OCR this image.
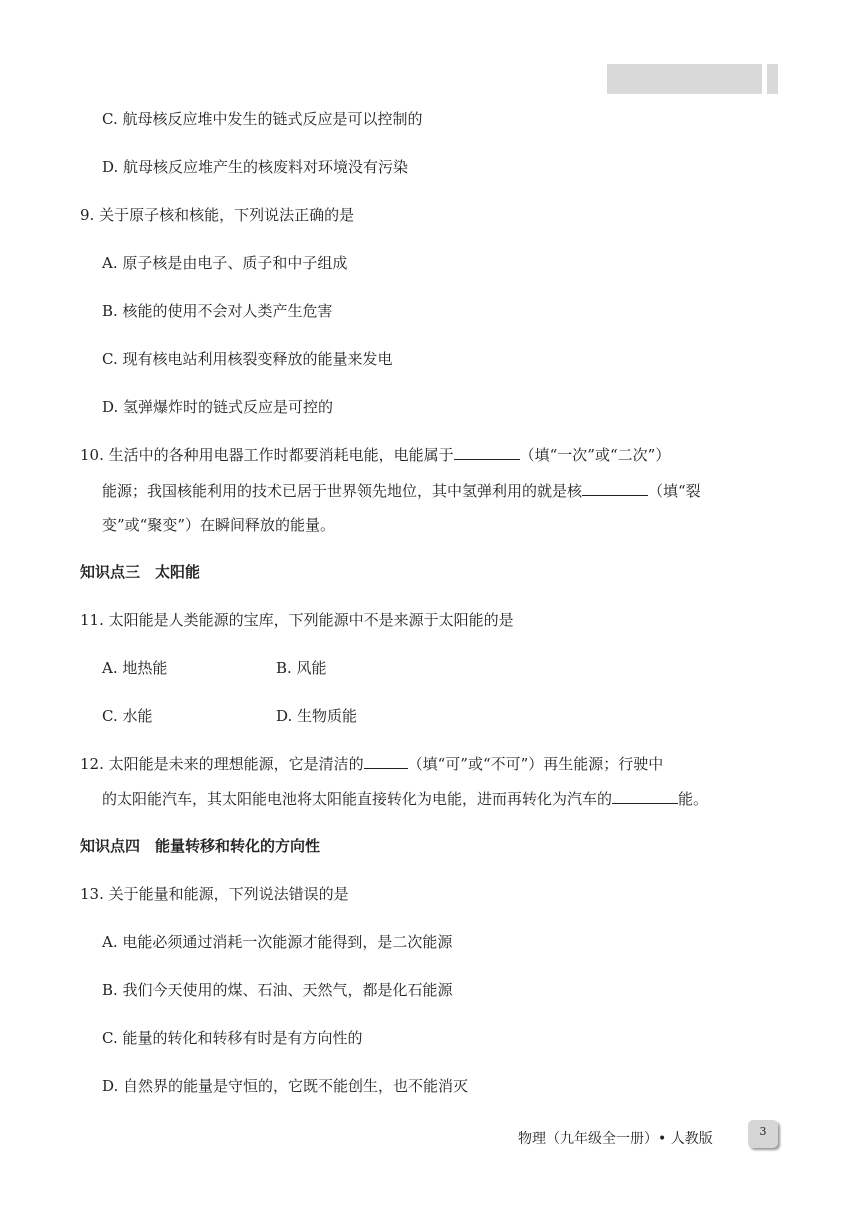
C. 航母核反应堆中发生的链式反应是可以控制的
D. 航母核反应堆产生的核废料对环境没有污染
9. 关于原子核和核能，下列说法正确的是
A. 原子核是由电子、质子和中子组成
B. 核能的使用不会对人类产生危害
C. 现有核电站利用核裂变释放的能量来发电
D. 氢弹爆炸时的链式反应是可控的
10. 生活中的各种用电器工作时都要消耗电能，电能属于	（填“一次”或“二次”）
能源；我国核能利用的技术已居于世界领先地位，其中氢弹利用的就是核	（填“裂
变”或“聚变”）在瞬间释放的能量。
知识点三　太阳能
11. 太阳能是人类能源的宝库，下列能源中不是来源于太阳能的是
A. 地热能	B. 风能
C. 水能	D. 生物质能
12. 太阳能是未来的理想能源，它是清洁的	（填“可”或“不可”）再生能源；行驶中
的太阳能汽车，其太阳能电池将太阳能直接转化为电能，进而再转化为汽车的	能。
知识点四　能量转移和转化的方向性
13. 关于能量和能源，下列说法错误的是
A. 电能必须通过消耗一次能源才能得到，是二次能源
B. 我们今天使用的煤、石油、天然气，都是化石能源
C. 能量的转化和转移有时是有方向性的
D. 自然界的能量是守恒的，它既不能创生，也不能消灭
物理（九年级全一册）• 人教版	3
